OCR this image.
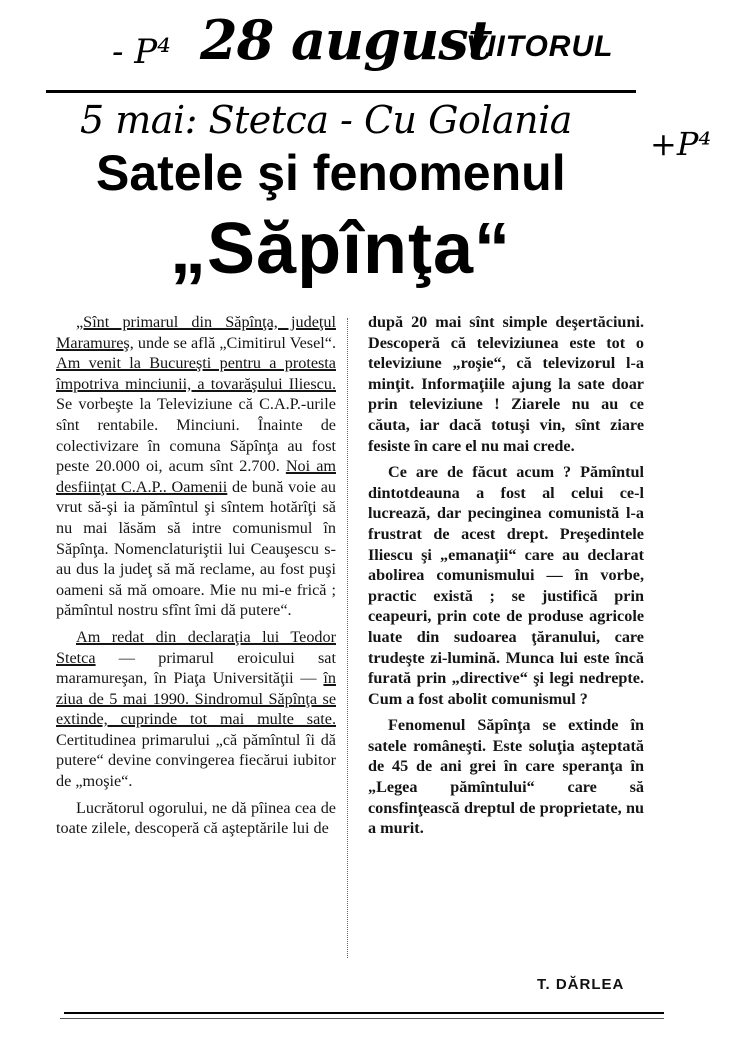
- P⁴ 28 august
+P⁴
5 mai: Stetca - Cu Golania
VIITORUL
Satele şi fenomenul
„Săpînţa“

„Sînt primarul din Săpînţa, judeţul Maramureş, unde se află „Cimitirul Vesel“. Am venit la Bucureşti pentru a protesta împotriva minciunii, a tovarăşului Iliescu. Se vorbeşte la Televiziune că C.A.P.-urile sînt rentabile. Minciuni. Înainte de colectivizare în comuna Săpînţa au fost peste 20.000 oi, acum sînt 2.700. Noi am desfiinţat C.A.P.. Oamenii de bună voie au vrut să-şi ia pămîntul şi sîntem hotărîţi să nu mai lăsăm să intre comunismul în Săpînţa. Nomenclaturiştii lui Ceauşescu s-au dus la judeţ să mă reclame, au fost puşi oameni să mă omoare. Mie nu mi-e frică ; pămîntul nostru sfînt îmi dă putere“.

Am redat din declaraţia lui Teodor Stetca — primarul eroicului sat maramureşan, în Piaţa Universităţii — în ziua de 5 mai 1990. Sindromul Săpînţa se extinde, cuprinde tot mai multe sate. Certitudinea primarului „că pămîntul îi dă putere“ devine convingerea fiecărui iubitor de „moşie“.

Lucrătorul ogorului, ne dă pîinea cea de toate zilele, descoperă că aşteptările lui de

după 20 mai sînt simple deşertăciuni. Descoperă că televiziunea este tot o televiziune „roşie“, că televizorul l-a minţit. Informaţiile ajung la sate doar prin televiziune ! Ziarele nu au ce căuta, iar dacă totuşi vin, sînt ziare fesiste în care el nu mai crede.

Ce are de făcut acum ? Pămîntul dintotdeauna a fost al celui ce-l lucrează, dar pecinginea comunistă l-a frustrat de acest drept. Preşedintele Iliescu şi „emanaţii“ care au declarat abolirea comunismului — în vorbe, practic există ; se justifică prin ceapeuri, prin cote de produse agricole luate din sudoarea ţăranului, care trudeşte zi-lumină. Munca lui este încă furată prin „directive“ şi legi nedrepte. Cum a fost abolit comunismul ?

Fenomenul Săpînţa se extinde în satele româneşti. Este soluţia aşteptată de 45 de ani grei în care speranţa în „Legea pămîntului“ care să consfinţească dreptul de proprietate, nu a murit.

T. DĂRLEA
